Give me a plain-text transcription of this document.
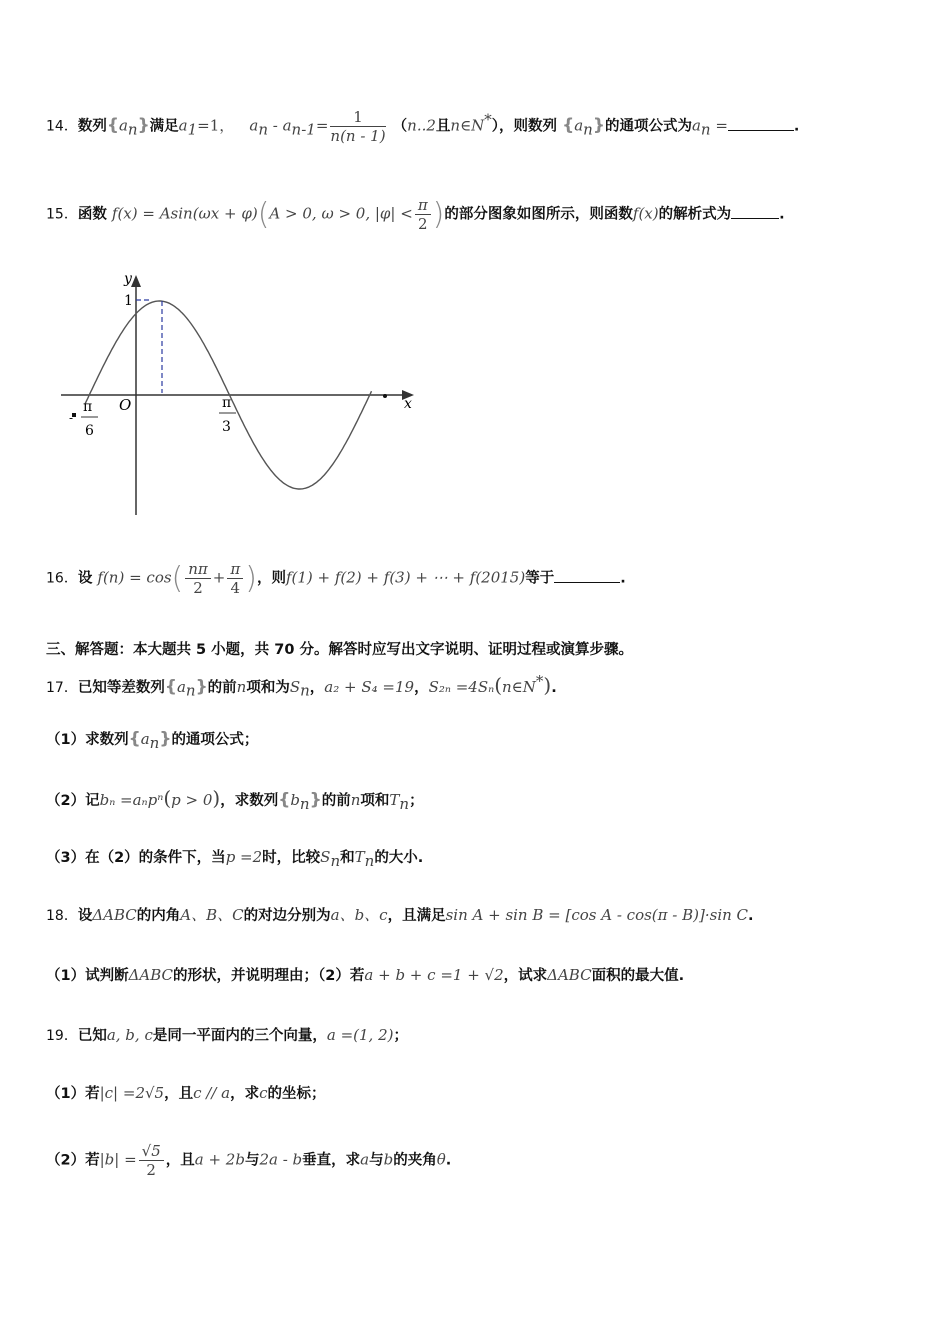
14．数列$\{a_n\}$满足$a_1=1$， $a_n - a_{n-1}= \frac{1}{n(n - 1)} (n..2$且n∈N*），则数列 $\{a_n\}$的通项公式为$a_n$ =	.
15．函数 f(x) = Asin(ωx + φ)(A > 0, ω > 0, $|\varphi| < \frac{\pi}{2}$ )的部分图象如图所示，则函数f(x)的解析式为	.
y
1
x
O
π
6
-
π
3
16．设 $f(n) = \cos( \frac{n\pi}{2} + \frac{\pi}{4}$ )，则f(1) + f(2) + f(3) + ⋯ + f(2015)等于	.
三、解答题：本大题共 5 小题，共 70 分。解答时应写出文字说明、证明过程或演算步骤。
17．已知等差数列$\{a_n\}$的前n项和为$S_n$，a₂ + S₄ =19，S₂ₙ =4Sₙ(n∈N*).
（1）求数列$\{a_n\}$的通项公式；
（2）记bₙ =aₙpⁿ(p > 0)，求数列$\{b_n\}$的前n项和$T_n$；
（3）在（2）的条件下，当p =2时，比较$S_n$和$T_n$的大小.
18．设ΔABC的内角A、B、C的对边分别为a、b、c，且满足sin A + sin B = [cos A - cos(π - B)]·sin C.
（1）试判断ΔABC的形状，并说明理由；（2）若a + b + c =1 + √2，试求ΔABC面积的最大值.
19．已知a, b, c是同一平面内的三个向量，a =(1, 2)；
（1）若|c| =2√5，且c // a，求c的坐标；
（2）若$|b| = \frac{√5}{2}$ ，且a + 2b与2a - b垂直，求a与b的夹角θ.
